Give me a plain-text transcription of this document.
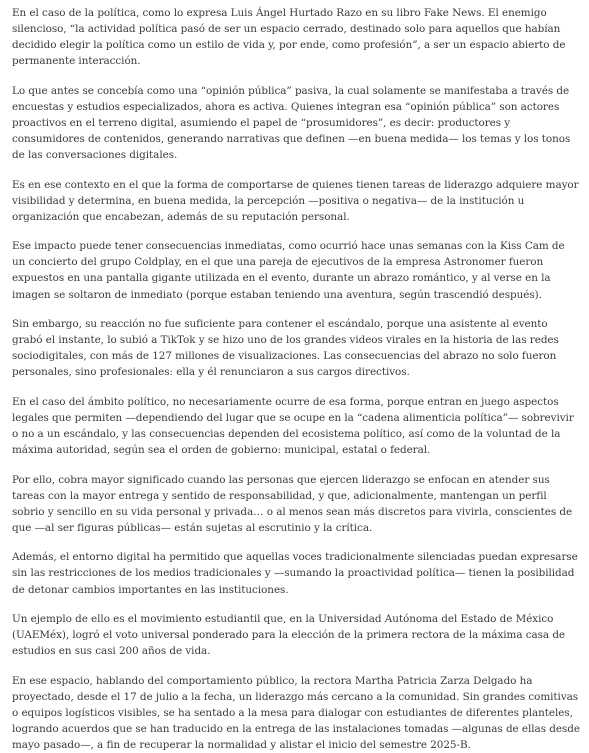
En el caso de la política, como lo expresa Luis Ángel Hurtado Razo en su libro Fake News. El enemigo silencioso, “la actividad política pasó de ser un espacio cerrado, destinado solo para aquellos que habían decidido elegir la política como un estilo de vida y, por ende, como profesión”, a ser un espacio abierto de permanente interacción.

Lo que antes se concebía como una “opinión pública” pasiva, la cual solamente se manifestaba a través de encuestas y estudios especializados, ahora es activa. Quienes integran esa “opinión pública” son actores proactivos en el terreno digital, asumiendo el papel de “prosumidores”, es decir: productores y consumidores de contenidos, generando narrativas que definen —en buena medida— los temas y los tonos de las conversaciones digitales.

Es en ese contexto en el que la forma de comportarse de quienes tienen tareas de liderazgo adquiere mayor visibilidad y determina, en buena medida, la percepción —positiva o negativa— de la institución u organización que encabezan, además de su reputación personal.

Ese impacto puede tener consecuencias inmediatas, como ocurrió hace unas semanas con la Kiss Cam de un concierto del grupo Coldplay, en el que una pareja de ejecutivos de la empresa Astronomer fueron expuestos en una pantalla gigante utilizada en el evento, durante un abrazo romántico, y al verse en la imagen se soltaron de inmediato (porque estaban teniendo una aventura, según trascendió después).

Sin embargo, su reacción no fue suficiente para contener el escándalo, porque una asistente al evento grabó el instante, lo subió a TikTok y se hizo uno de los grandes videos virales en la historia de las redes sociodigitales, con más de 127 millones de visualizaciones. Las consecuencias del abrazo no solo fueron personales, sino profesionales: ella y él renunciaron a sus cargos directivos.

En el caso del ámbito político, no necesariamente ocurre de esa forma, porque entran en juego aspectos legales que permiten —dependiendo del lugar que se ocupe en la “cadena alimenticia política”— sobrevivir o no a un escándalo, y las consecuencias dependen del ecosistema político, así como de la voluntad de la máxima autoridad, según sea el orden de gobierno: municipal, estatal o federal.

Por ello, cobra mayor significado cuando las personas que ejercen liderazgo se enfocan en atender sus tareas con la mayor entrega y sentido de responsabilidad, y que, adicionalmente, mantengan un perfil sobrio y sencillo en su vida personal y privada… o al menos sean más discretos para vivirla, conscientes de que —al ser figuras públicas— están sujetas al escrutinio y la crítica.

Además, el entorno digital ha permitido que aquellas voces tradicionalmente silenciadas puedan expresarse sin las restricciones de los medios tradicionales y —sumando la proactividad política— tienen la posibilidad de detonar cambios importantes en las instituciones.

Un ejemplo de ello es el movimiento estudiantil que, en la Universidad Autónoma del Estado de México (UAEMéx), logró el voto universal ponderado para la elección de la primera rectora de la máxima casa de estudios en sus casi 200 años de vida.

En ese espacio, hablando del comportamiento público, la rectora Martha Patricia Zarza Delgado ha proyectado, desde el 17 de julio a la fecha, un liderazgo más cercano a la comunidad. Sin grandes comitivas o equipos logísticos visibles, se ha sentado a la mesa para dialogar con estudiantes de diferentes planteles, logrando acuerdos que se han traducido en la entrega de las instalaciones tomadas —algunas de ellas desde mayo pasado—, a fin de recuperar la normalidad y alistar el inicio del semestre 2025-B.
